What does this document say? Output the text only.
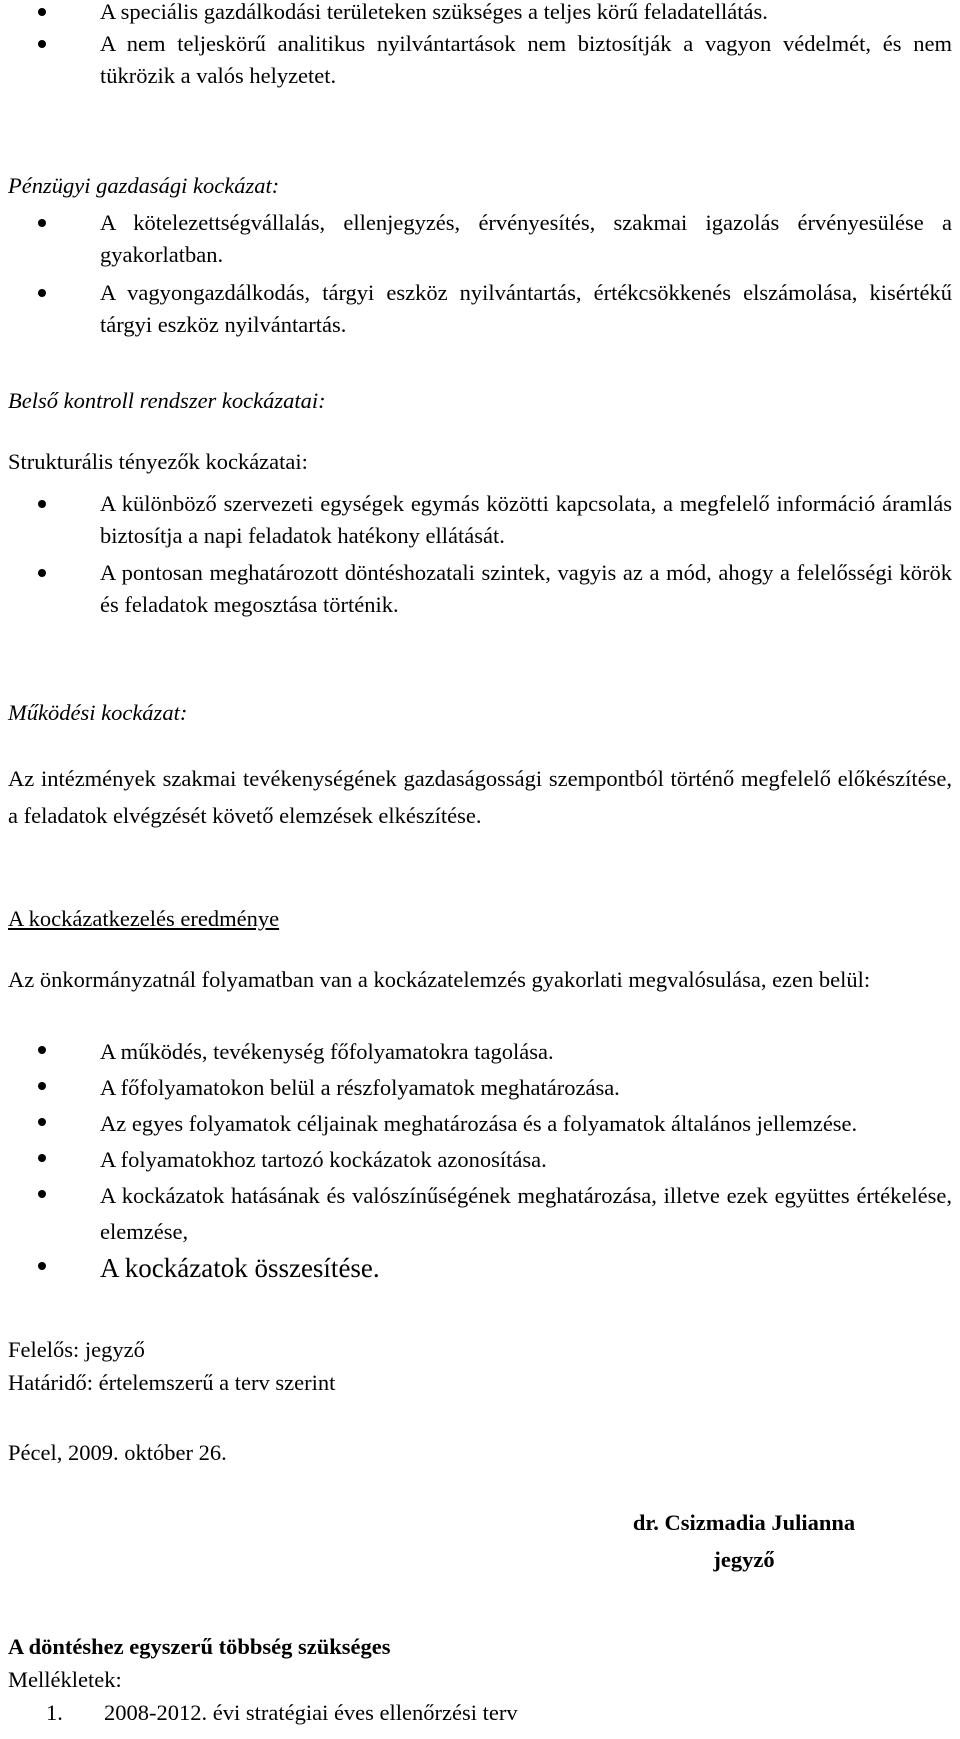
A speciális gazdálkodási területeken szükséges a teljes körű feladatellátás.
A nem teljeskörű analitikus nyilvántartások nem biztosítják a vagyon védelmét, és nem tükrözik a valós helyzetet.
Pénzügyi gazdasági kockázat:
A kötelezettségvállalás, ellenjegyzés, érvényesítés, szakmai igazolás érvényesülése a gyakorlatban.
A vagyongazdálkodás, tárgyi eszköz nyilvántartás, értékcsökkenés elszámolása, kisértékű tárgyi eszköz nyilvántartás.
Belső kontroll rendszer kockázatai:
Strukturális tényezők kockázatai:
A különböző szervezeti egységek egymás közötti kapcsolata, a megfelelő információ áramlás biztosítja a napi feladatok hatékony ellátását.
A pontosan meghatározott döntéshozatali szintek, vagyis az a mód, ahogy a felelősségi körök és feladatok megosztása történik.
Működési kockázat:
Az intézmények szakmai tevékenységének gazdaságossági szempontból történő megfelelő előkészítése, a feladatok elvégzését követő elemzések elkészítése.
A kockázatkezelés eredménye
Az önkormányzatnál folyamatban van a kockázatelemzés gyakorlati megvalósulása, ezen belül:
A működés, tevékenység főfolyamatokra tagolása.
A főfolyamatokon belül a részfolyamatok meghatározása.
Az egyes folyamatok céljainak meghatározása és a folyamatok általános jellemzése.
A folyamatokhoz tartozó kockázatok azonosítása.
A kockázatok hatásának és valószínűségének meghatározása, illetve ezek együttes értékelése, elemzése,
A kockázatok összesítése.
Felelős: jegyző
Határidő: értelemszerű a terv szerint
Pécel, 2009. október 26.
dr. Csizmadia Julianna
jegyző
A döntéshez egyszerű többség szükséges
Mellékletek:
1. 2008-2012. évi stratégiai éves ellenőrzési terv
